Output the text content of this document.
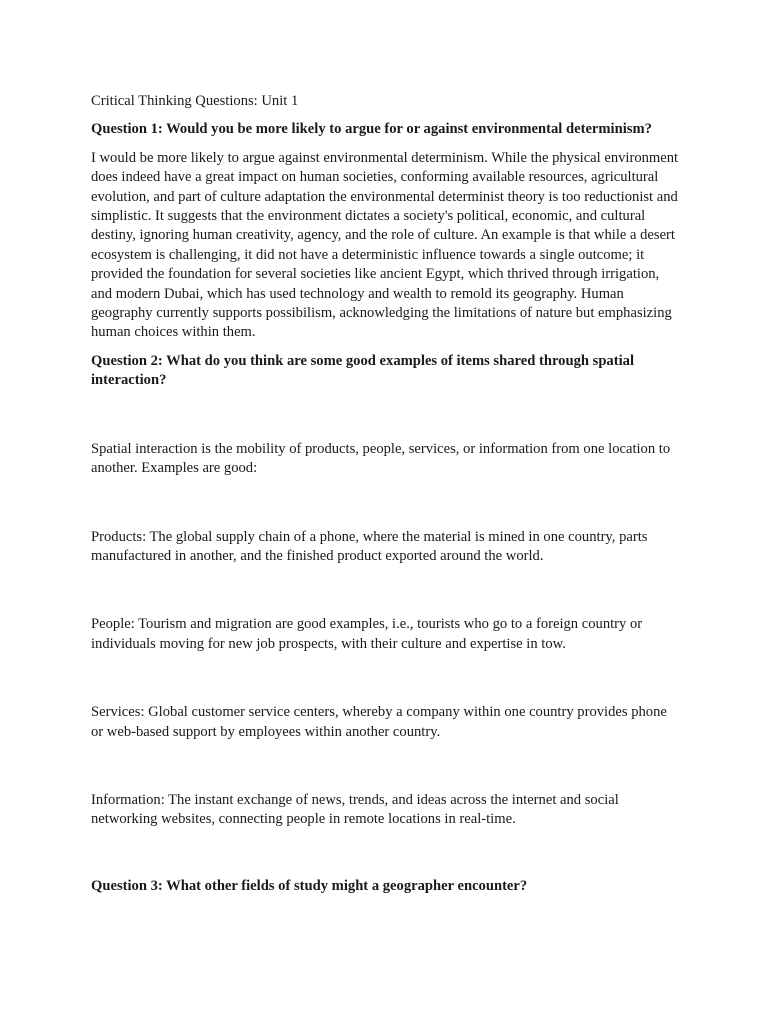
Critical Thinking Questions: Unit 1

Question 1: Would you be more likely to argue for or against environmental determinism?

I would be more likely to argue against environmental determinism. While the physical environment does indeed have a great impact on human societies, conforming available resources, agricultural evolution, and part of culture adaptation the environmental determinist theory is too reductionist and simplistic. It suggests that the environment dictates a society's political, economic, and cultural destiny, ignoring human creativity, agency, and the role of culture. An example is that while a desert ecosystem is challenging, it did not have a deterministic influence towards a single outcome; it provided the foundation for several societies like ancient Egypt, which thrived through irrigation, and modern Dubai, which has used technology and wealth to remold its geography. Human geography currently supports possibilism, acknowledging the limitations of nature but emphasizing human choices within them.

Question 2: What do you think are some good examples of items shared through spatial interaction?

Spatial interaction is the mobility of products, people, services, or information from one location to another. Examples are good:

Products: The global supply chain of a phone, where the material is mined in one country, parts manufactured in another, and the finished product exported around the world.

People: Tourism and migration are good examples, i.e., tourists who go to a foreign country or individuals moving for new job prospects, with their culture and expertise in tow.

Services: Global customer service centers, whereby a company within one country provides phone or web-based support by employees within another country.

Information: The instant exchange of news, trends, and ideas across the internet and social networking websites, connecting people in remote locations in real-time.

Question 3: What other fields of study might a geographer encounter?
